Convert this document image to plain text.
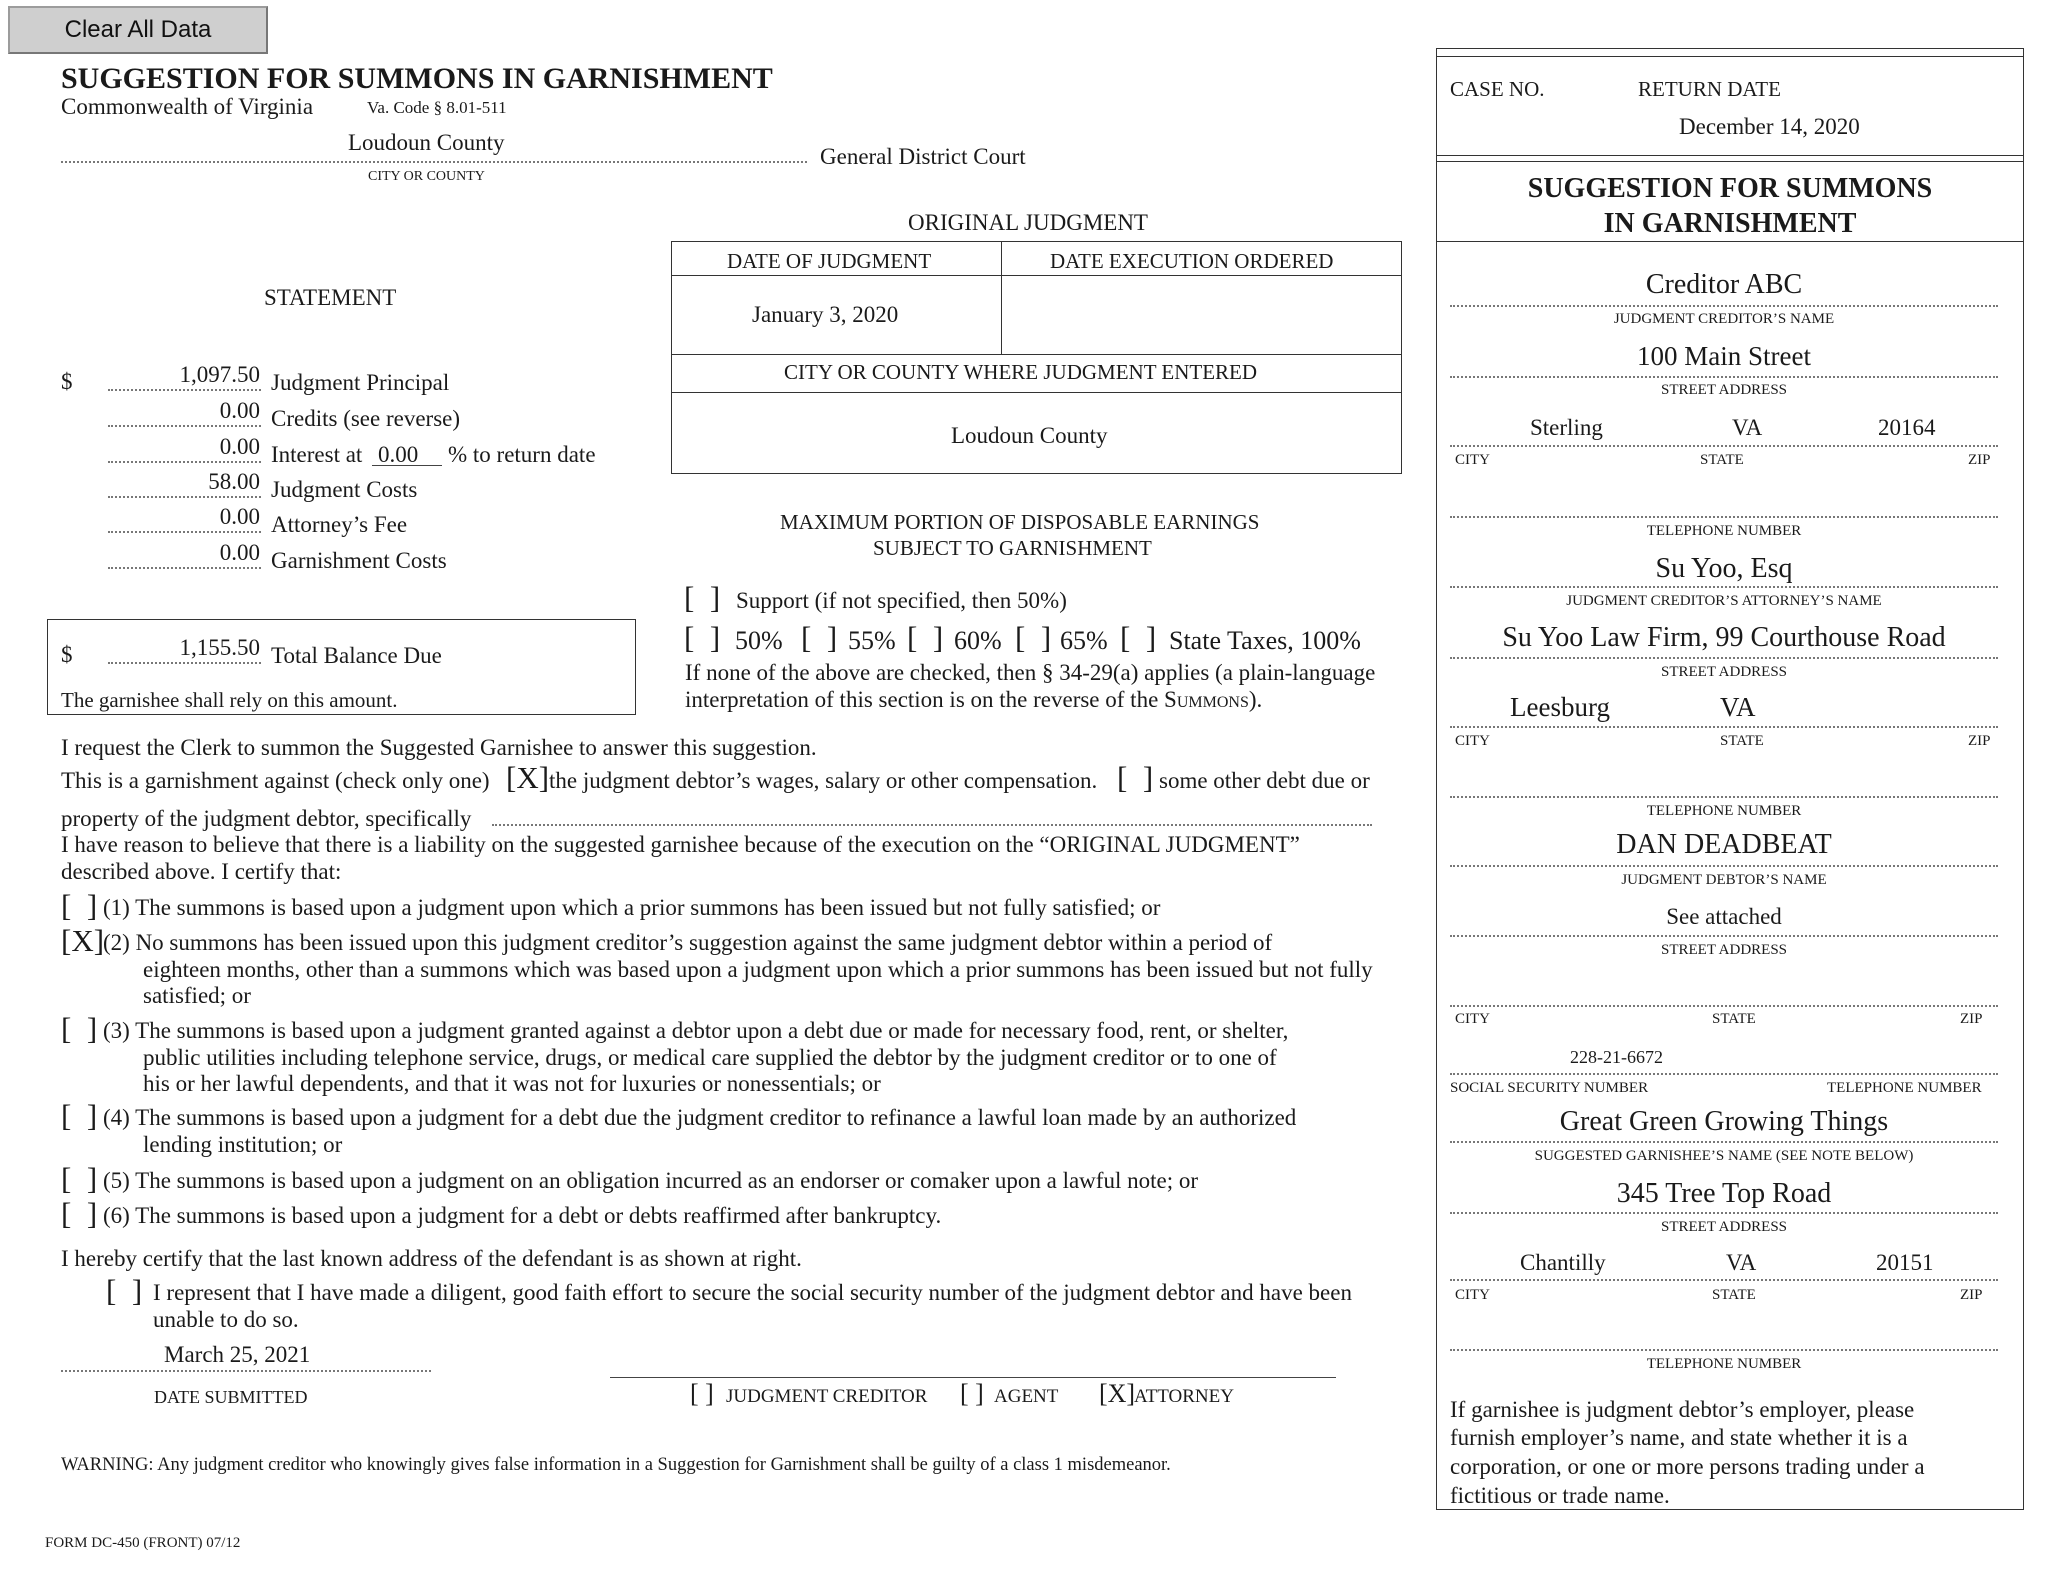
Clear All Data
SUGGESTION FOR SUMMONS IN GARNISHMENT
Commonwealth of Virginia	Va. Code § 8.01-511
Loudoun County
General District Court
CITY OR COUNTY
ORIGINAL JUDGMENT
DATE OF JUDGMENT	DATE EXECUTION ORDERED
January 3, 2020
CITY OR COUNTY WHERE JUDGMENT ENTERED
Loudoun County
STATEMENT
$	1,097.50 Judgment Principal
0.00 Credits (see reverse)
0.00 Interest at 0.00 % to return date
58.00 Judgment Costs
0.00 Attorney’s Fee
0.00 Garnishment Costs
$	1,155.50 Total Balance Due
The garnishee shall rely on this amount.
MAXIMUM PORTION OF DISPOSABLE EARNINGS
SUBJECT TO GARNISHMENT
[  ] Support (if not specified, then 50%)
[  ] 50% [  ] 55% [  ] 60% [  ] 65% [  ] State Taxes, 100%
If none of the above are checked, then § 34-29(a) applies (a plain-language
interpretation of this section is on the reverse of the SUMMONS).
I request the Clerk to summon the Suggested Garnishee to answer this suggestion.
This is a garnishment against (check only one) [X] the judgment debtor’s wages, salary or other compensation. [  ] some other debt due or
property of the judgment debtor, specifically
I have reason to believe that there is a liability on the suggested garnishee because of the execution on the “ORIGINAL JUDGMENT”
described above. I certify that:
[  ] (1) The summons is based upon a judgment upon which a prior summons has been issued but not fully satisfied; or
[X]
(2) No summons has been issued upon this judgment creditor’s suggestion against the same judgment debtor within a period of
eighteen months, other than a summons which was based upon a judgment upon which a prior summons has been issued but not fully
satisfied; or
[  ] (3) The summons is based upon a judgment granted against a debtor upon a debt due or made for necessary food, rent, or shelter,
public utilities including telephone service, drugs, or medical care supplied the debtor by the judgment creditor or to one of
his or her lawful dependents, and that it was not for luxuries or nonessentials; or
[  ] (4) The summons is based upon a judgment for a debt due the judgment creditor to refinance a lawful loan made by an authorized
lending institution; or
[  ] (5) The summons is based upon a judgment on an obligation incurred as an endorser or comaker upon a lawful note; or
[  ] (6) The summons is based upon a judgment for a debt or debts reaffirmed after bankruptcy.
I hereby certify that the last known address of the defendant is as shown at right.
[  ] I represent that I have made a diligent, good faith effort to secure the social security number of the judgment debtor and have been
unable to do so.
March 25, 2021
DATE SUBMITTED	[ ] JUDGMENT CREDITOR [ ] AGENT [X]
ATTORNEY
WARNING: Any judgment creditor who knowingly gives false information in a Suggestion for Garnishment shall be guilty of a class 1 misdemeanor.
FORM DC-450 (FRONT) 07/12
CASE NO.	RETURN DATE
December 14, 2020
SUGGESTION FOR SUMMONS
IN GARNISHMENT
Creditor ABC
JUDGMENT CREDITOR’S NAME
100 Main Street
STREET ADDRESS
Sterling	VA	20164
CITY	STATE	ZIP
TELEPHONE NUMBER
Su Yoo, Esq
JUDGMENT CREDITOR’S ATTORNEY’S NAME
Su Yoo Law Firm, 99 Courthouse Road
STREET ADDRESS
Leesburg	VA
CITY	STATE	ZIP
TELEPHONE NUMBER
DAN DEADBEAT
JUDGMENT DEBTOR’S NAME
See attached
STREET ADDRESS
CITY	STATE	ZIP
228-21-6672
SOCIAL SECURITY NUMBER	TELEPHONE NUMBER
Great Green Growing Things
SUGGESTED GARNISHEE’S NAME (SEE NOTE BELOW)
345 Tree Top Road
STREET ADDRESS
Chantilly	VA	20151
CITY	STATE	ZIP
TELEPHONE NUMBER
If garnishee is judgment debtor’s employer, please
furnish employer’s name, and state whether it is a
corporation, or one or more persons trading under a
fictitious or trade name.
